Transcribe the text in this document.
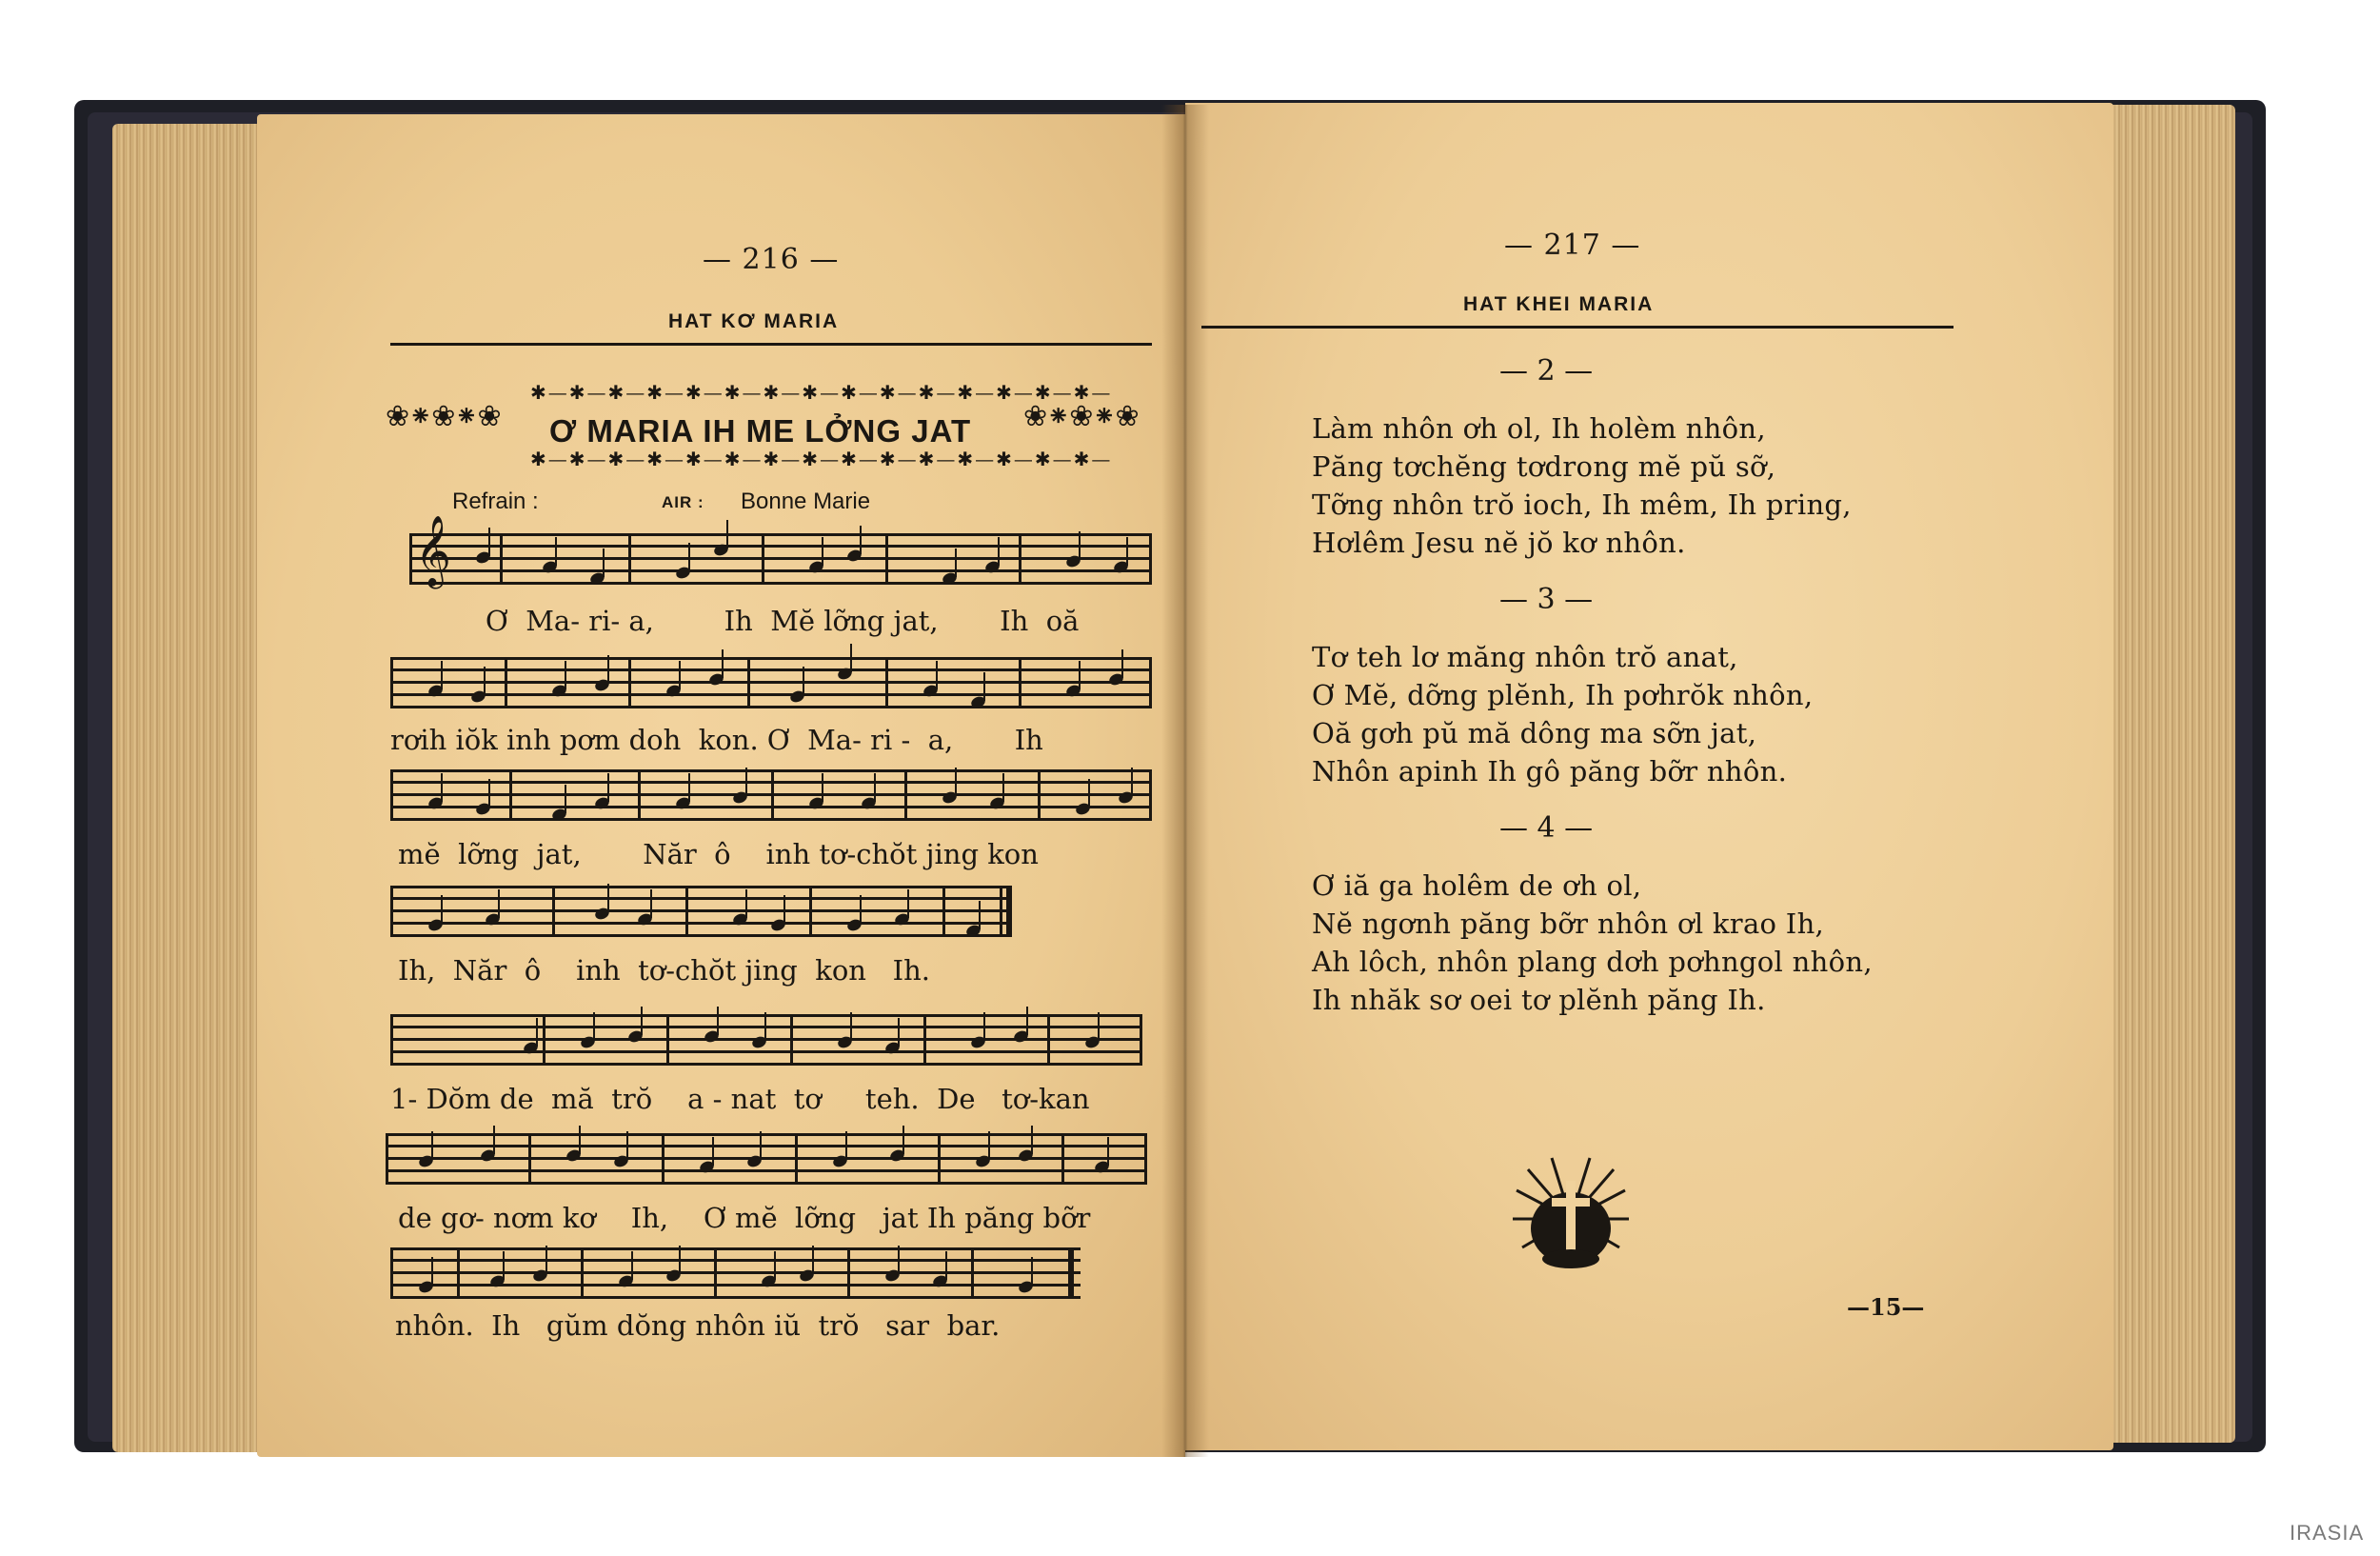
— 216 —
HAT KƠ MARIA
❀⁕❀⁕❀
✱—✱—✱—✱—✱—✱—✱—✱—✱—✱—✱—✱—✱—✱—✱—
Ơ MARIA IH ME LỞNG JAT
✱—✱—✱—✱—✱—✱—✱—✱—✱—✱—✱—✱—✱—✱—✱—
❀⁕❀⁕❀
Refrain :	AIR : Bonne Marie
𝄞
Ơ  Ma- ri- a,        Ih  Mĕ lỡng jat,       Ih  oă
rơih iŏk inh pơm doh  kon. Ơ  Ma- ri -  a,       Ih
mĕ  lỡng  jat,       Năr  ô    inh tơ-chŏt jing kon
Ih,  Năr  ô    inh  tơ-chŏt jing  kon   Ih.
1- Dŏm de  mă  trŏ    a - nat  tơ     teh.  De   tơ-kan
de gơ- nơm kơ    Ih,    Ơ mĕ  lỡng   jat Ih păng bỡr
nhôn.  Ih   gŭm dŏng nhôn iŭ  trŏ   sar  bar.
— 217 —
HAT KHEI MARIA
— 2 —
Làm nhôn ơh ol, Ih holèm nhôn,
Păng tơchĕng tơdrong mĕ pŭ sỡ,
Tỡng nhôn trŏ ioch, Ih mêm, Ih pring,
Hơlêm Jesu nĕ jŏ kơ nhôn.
— 3 —
Tơ teh lơ măng nhôn trŏ anat,
Ơ Mĕ, dỡng plĕnh, Ih pơhrŏk nhôn,
Oă gơh pŭ mă dông ma sỡn jat,
Nhôn apinh Ih gô păng bỡr nhôn.
— 4 —
Ơ iă ga holêm de ơh ol,
Nĕ ngơnh păng bỡr nhôn ơl krao Ih,
Ah lôch, nhôn plang dơh pơhngol nhôn,
Ih nhăk sơ oei tơ plĕnh păng Ih.
—15—
IRASIA
